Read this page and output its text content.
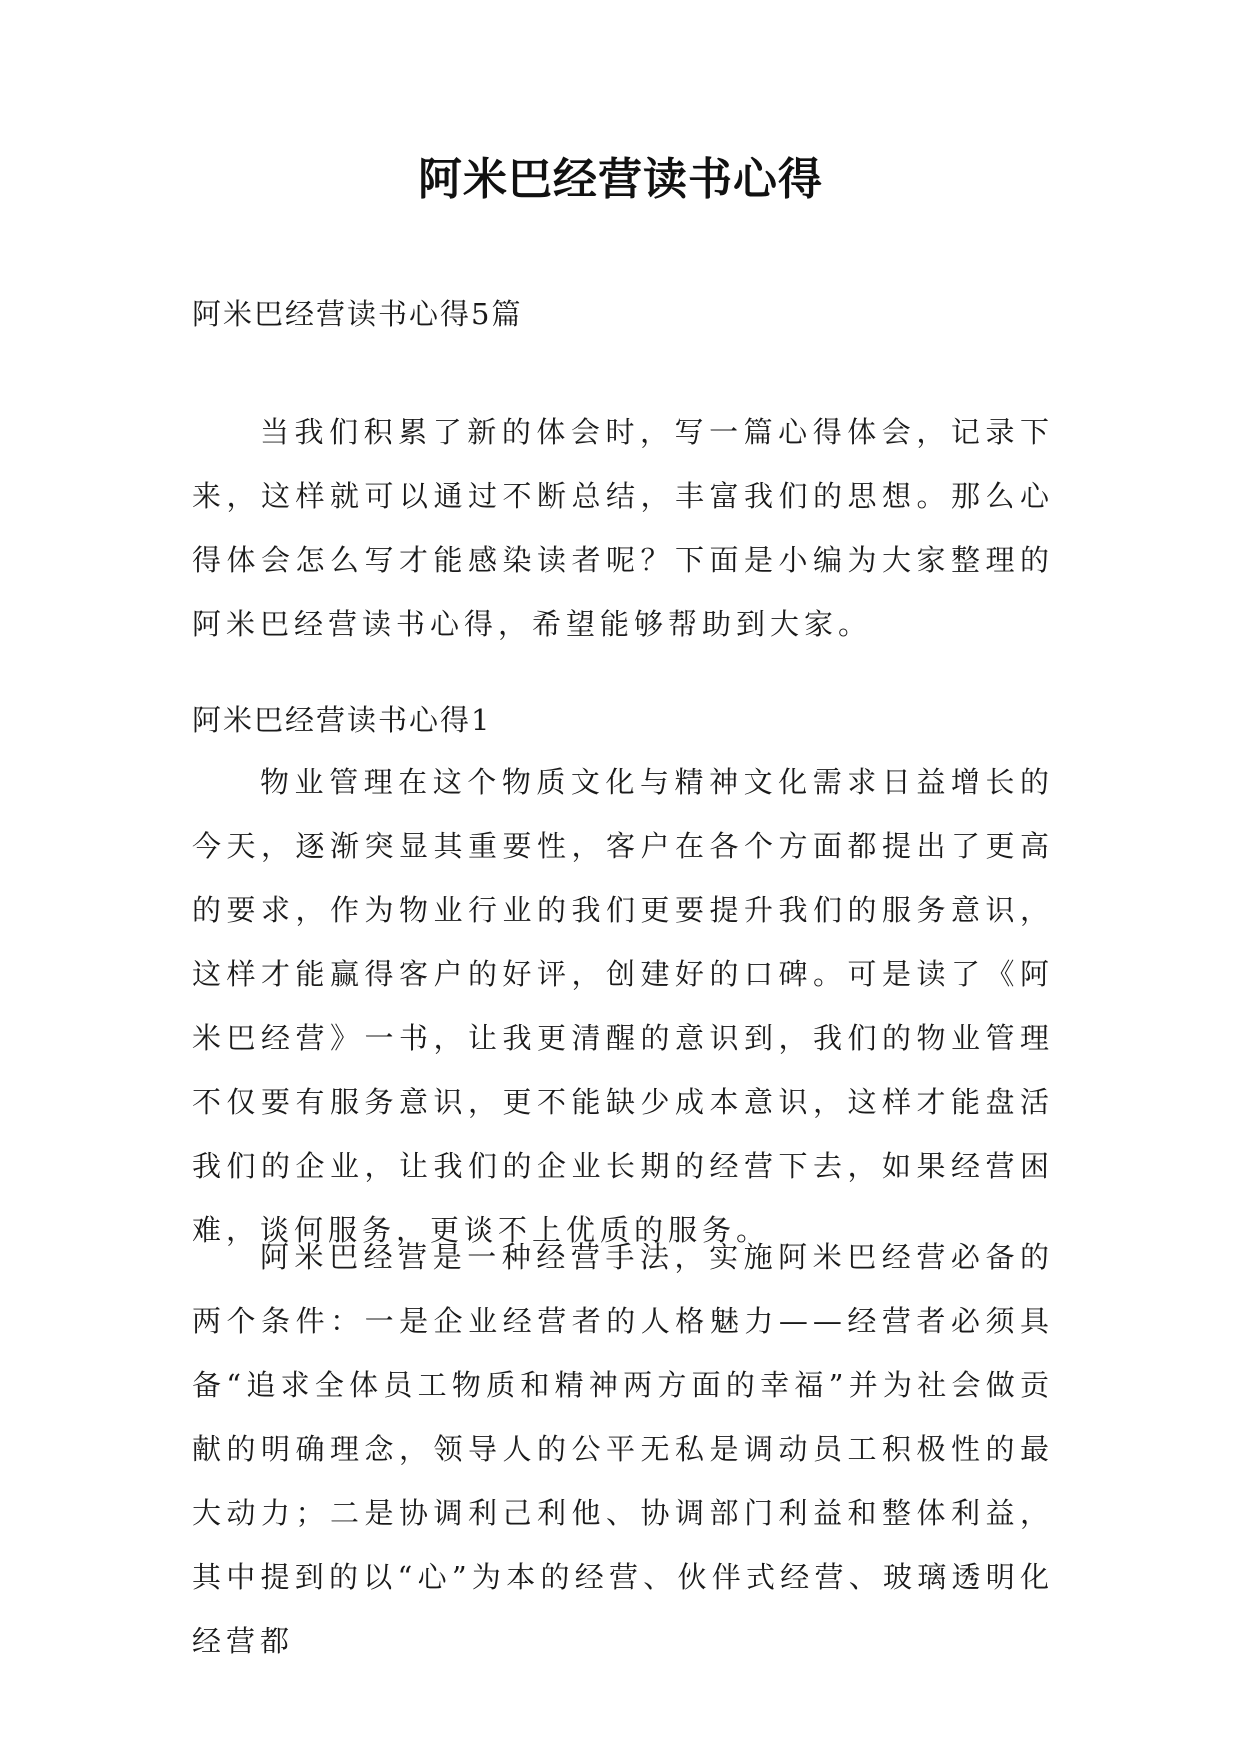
阿米巴经营读书心得
阿米巴经营读书心得5篇

当我们积累了新的体会时，写一篇心得体会，记录下来，这样就可以通过不断总结，丰富我们的思想。那么心得体会怎么写才能感染读者呢？下面是小编为大家整理的阿米巴经营读书心得，希望能够帮助到大家。

阿米巴经营读书心得1

物业管理在这个物质文化与精神文化需求日益增长的今天，逐渐突显其重要性，客户在各个方面都提出了更高的要求，作为物业行业的我们更要提升我们的服务意识，这样才能赢得客户的好评，创建好的口碑。可是读了《阿米巴经营》一书，让我更清醒的意识到，我们的物业管理不仅要有服务意识，更不能缺少成本意识，这样才能盘活我们的企业，让我们的企业长期的经营下去，如果经营困难，谈何服务，更谈不上优质的服务。

阿米巴经营是一种经营手法，实施阿米巴经营必备的两个条件：一是企业经营者的人格魅力——经营者必须具备“追求全体员工物质和精神两方面的幸福”并为社会做贡献的明确理念，领导人的公平无私是调动员工积极性的最大动力；二是协调利己利他、协调部门利益和整体利益，其中提到的以“心”为本的经营、伙伴式经营、玻璃透明化经营都
